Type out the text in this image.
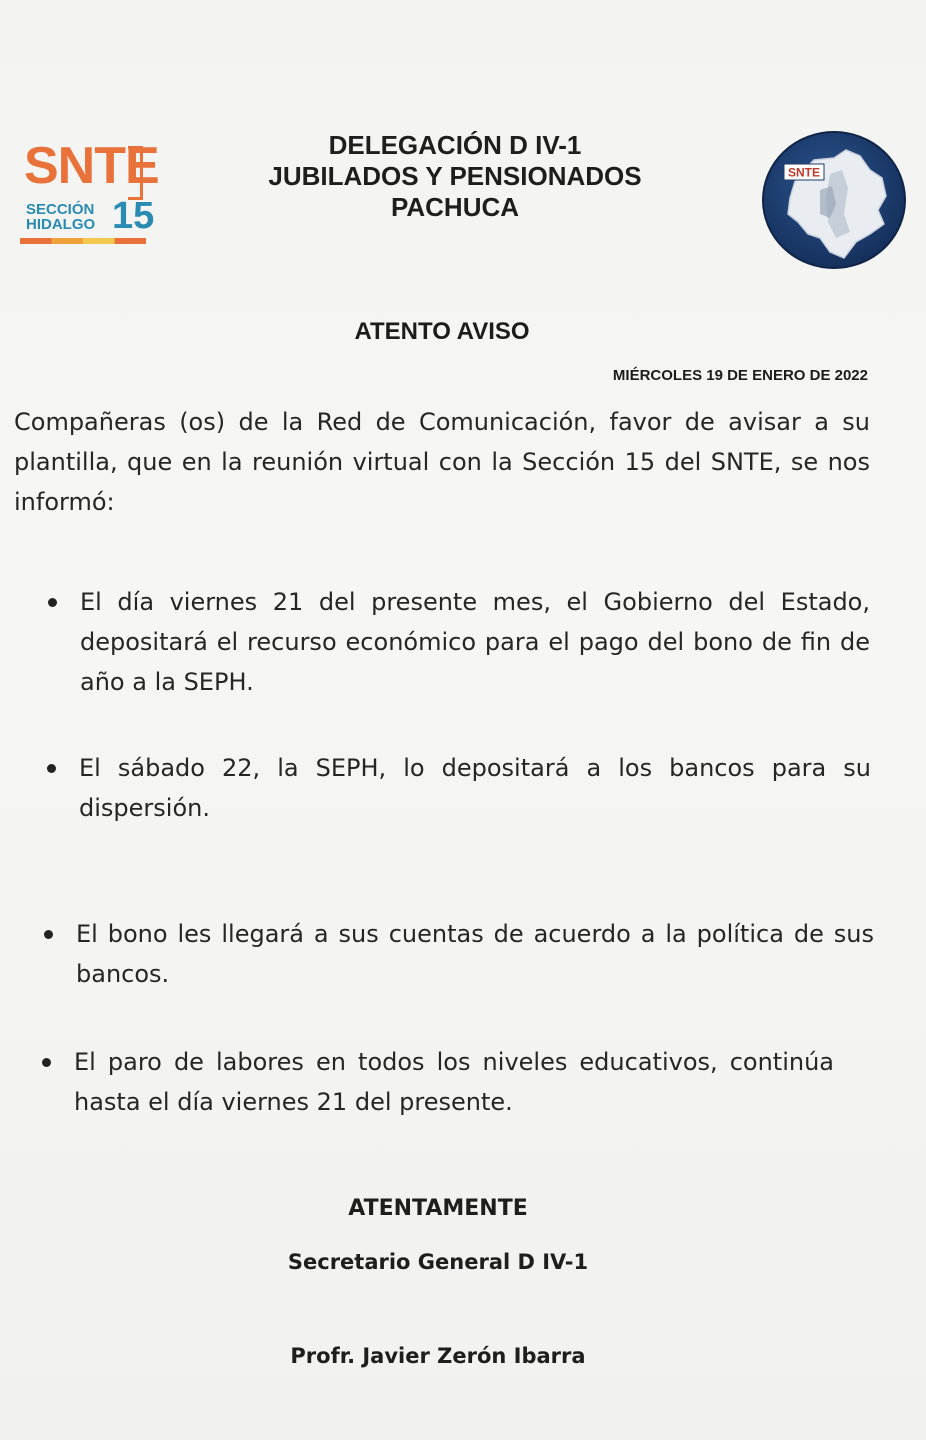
SNTE
SECCIÓN
HIDALGO 15
DELEGACIÓN D IV-1
JUBILADOS Y PENSIONADOS
PACHUCA
SNTE
ATENTO AVISO
MIÉRCOLES 19 DE ENERO DE 2022
Compañeras (os) de la Red de Comunicación, favor de avisar a su plantilla, que en la reunión virtual con la Sección 15 del SNTE, se nos informó:
El día viernes 21 del presente mes, el Gobierno del Estado, depositará el recurso económico para el pago del bono de fin de año a la SEPH.
El sábado 22, la SEPH, lo depositará a los bancos para su dispersión.
El bono les llegará a sus cuentas de acuerdo a la política de sus bancos.
El paro de labores en todos los niveles educativos, continúa hasta el día viernes 21 del presente.
ATENTAMENTE
Secretario General D IV-1
Profr. Javier Zerón Ibarra
